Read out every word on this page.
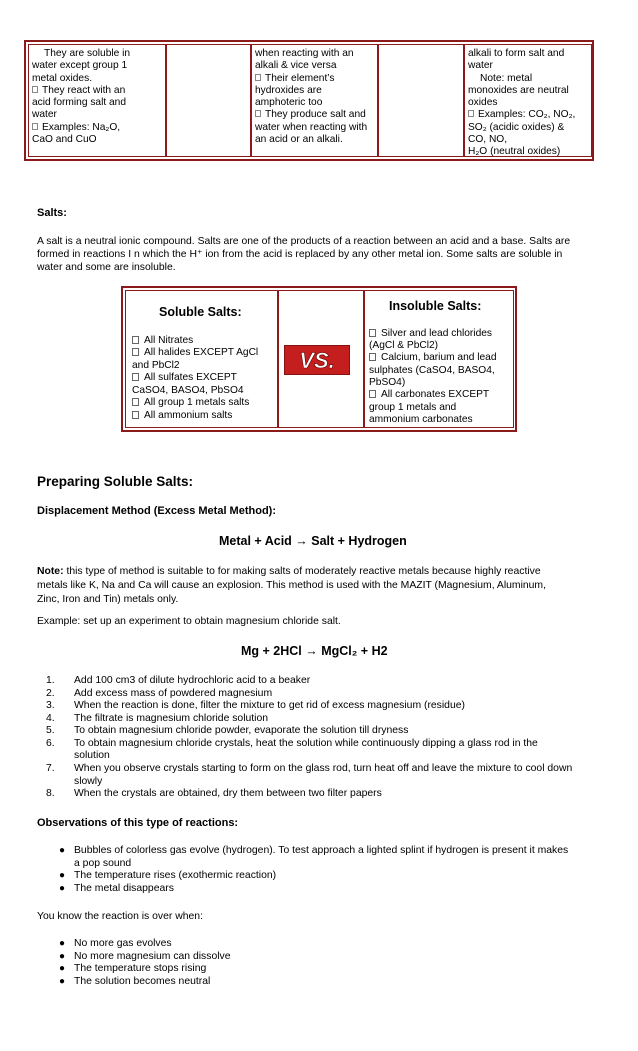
They are soluble in
water except group 1
metal oxides.
They react with an
acid forming salt and
water
Examples: Na₂O,
CaO and CuO
when reacting with an
alkali & vice versa
Their element’s
hydroxides are
amphoteric too
They produce salt and
water when reacting with
an acid or an alkali.
alkali to form salt and
water
Note: metal
monoxides are neutral
oxides
Examples: CO₂, NO₂,
SO₂ (acidic oxides) &
CO, NO,
H₂O (neutral oxides)
Salts:
A salt is a neutral ionic compound. Salts are one of the products of a reaction between an acid and a base. Salts are
formed in reactions I n which the H⁺ ion from the acid is replaced by any other metal ion. Some salts are soluble in
water and some are insoluble.
Soluble Salts:
All Nitrates
All halides EXCEPT AgCl
and PbCl2
All sulfates EXCEPT
CaSO4, BASO4, PbSO4
All group 1 metals salts
All ammonium salts
Insoluble Salts:
Silver and lead chlorides
(AgCl & PbCl2)
Calcium, barium and lead
sulphates (CaSO4, BASO4,
PbSO4)
All carbonates EXCEPT
group 1 metals and
ammonium carbonates
VS.
Preparing Soluble Salts:
Displacement Method (Excess Metal Method):
Metal + Acid → Salt + Hydrogen
Note: this type of method is suitable to for making salts of moderately reactive metals because highly reactive
metals like K, Na and Ca will cause an explosion. This method is used with the MAZIT (Magnesium, Aluminum,
Zinc, Iron and Tin) metals only.
Example: set up an experiment to obtain magnesium chloride salt.
Mg + 2HCl → MgCl₂ + H2
1. Add 100 cm3 of dilute hydrochloric acid to a beaker
2. Add excess mass of powdered magnesium
3. When the reaction is done, filter the mixture to get rid of excess magnesium (residue)
4. The filtrate is magnesium chloride solution
5. To obtain magnesium chloride powder, evaporate the solution till dryness
6. To obtain magnesium chloride crystals, heat the solution while continuously dipping a glass rod in the
solution
7. When you observe crystals starting to form on the glass rod, turn heat off and leave the mixture to cool down
slowly
8. When the crystals are obtained, dry them between two filter papers
Observations of this type of reactions:
● Bubbles of colorless gas evolve (hydrogen). To test approach a lighted splint if hydrogen is present it makes
a pop sound
● The temperature rises (exothermic reaction)
● The metal disappears
You know the reaction is over when:
● No more gas evolves
● No more magnesium can dissolve
● The temperature stops rising
● The solution becomes neutral
